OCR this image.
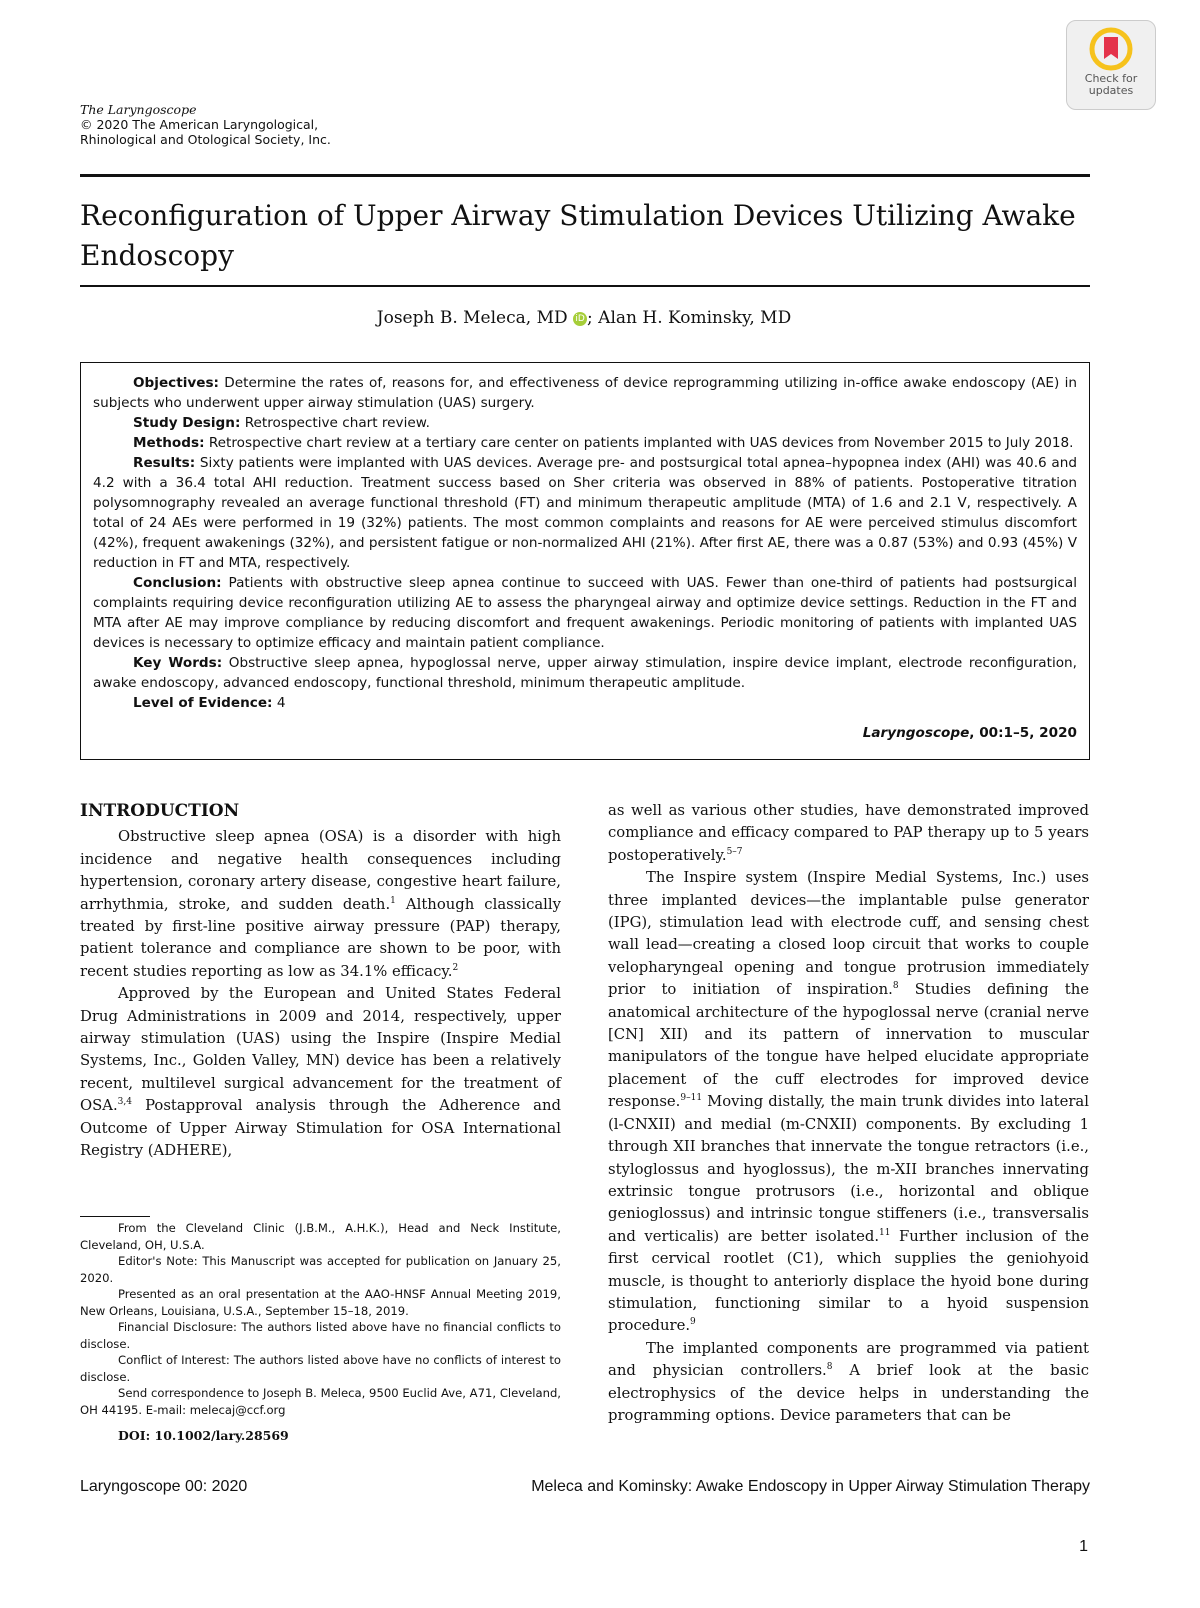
The Laryngoscope
© 2020 The American Laryngological,
Rhinological and Otological Society, Inc.
Check for
updates
Reconfiguration of Upper Airway Stimulation Devices Utilizing Awake Endoscopy
Joseph B. Meleca, MD iD ; Alan H. Kominsky, MD

Objectives: Determine the rates of, reasons for, and effectiveness of device reprogramming utilizing in-office awake endoscopy (AE) in subjects who underwent upper airway stimulation (UAS) surgery.

Study Design: Retrospective chart review.

Methods: Retrospective chart review at a tertiary care center on patients implanted with UAS devices from November 2015 to July 2018.

Results: Sixty patients were implanted with UAS devices. Average pre- and postsurgical total apnea–hypopnea index (AHI) was 40.6 and 4.2 with a 36.4 total AHI reduction. Treatment success based on Sher criteria was observed in 88% of patients. Postoperative titration polysomnography revealed an average functional threshold (FT) and minimum therapeutic amplitude (MTA) of 1.6 and 2.1 V, respectively. A total of 24 AEs were performed in 19 (32%) patients. The most common complaints and reasons for AE were perceived stimulus discomfort (42%), frequent awakenings (32%), and persistent fatigue or non-normalized AHI (21%). After first AE, there was a 0.87 (53%) and 0.93 (45%) V reduction in FT and MTA, respectively.

Conclusion: Patients with obstructive sleep apnea continue to succeed with UAS. Fewer than one-third of patients had postsurgical complaints requiring device reconfiguration utilizing AE to assess the pharyngeal airway and optimize device settings. Reduction in the FT and MTA after AE may improve compliance by reducing discomfort and frequent awakenings. Periodic monitoring of patients with implanted UAS devices is necessary to optimize efficacy and maintain patient compliance.

Key Words: Obstructive sleep apnea, hypoglossal nerve, upper airway stimulation, inspire device implant, electrode reconfiguration, awake endoscopy, advanced endoscopy, functional threshold, minimum therapeutic amplitude.

Level of Evidence: 4

Laryngoscope, 00:1–5, 2020

INTRODUCTION

Obstructive sleep apnea (OSA) is a disorder with high incidence and negative health consequences including hypertension, coronary artery disease, congestive heart failure, arrhythmia, stroke, and sudden death.$^1$ Although classically treated by first-line positive airway pressure (PAP) therapy, patient tolerance and compliance are shown to be poor, with recent studies reporting as low as 34.1% efficacy.$^2$

Approved by the European and United States Federal Drug Administrations in 2009 and 2014, respectively, upper airway stimulation (UAS) using the Inspire (Inspire Medial Systems, Inc., Golden Valley, MN) device has been a relatively recent, multilevel surgical advancement for the treatment of OSA.$^{3,4}$ Postapproval analysis through the Adherence and Outcome of Upper Airway Stimulation for OSA International Registry (ADHERE),

as well as various other studies, have demonstrated improved compliance and efficacy compared to PAP therapy up to 5 years postoperatively.$^{5-7}$

The Inspire system (Inspire Medial Systems, Inc.) uses three implanted devices—the implantable pulse generator (IPG), stimulation lead with electrode cuff, and sensing chest wall lead—creating a closed loop circuit that works to couple velopharyngeal opening and tongue protrusion immediately prior to initiation of inspiration.$^8$ Studies defining the anatomical architecture of the hypoglossal nerve (cranial nerve [CN] XII) and its pattern of innervation to muscular manipulators of the tongue have helped elucidate appropriate placement of the cuff electrodes for improved device response.$^{9-11}$ Moving distally, the main trunk divides into lateral (l-CNXII) and medial (m-CNXII) components. By excluding 1 through XII branches that innervate the tongue retractors (i.e., styloglossus and hyoglossus), the m-XII branches innervating extrinsic tongue protrusors (i.e., horizontal and oblique genioglossus) and intrinsic tongue stiffeners (i.e., transversalis and verticalis) are better isolated.$^{11}$ Further inclusion of the first cervical rootlet (C1), which supplies the geniohyoid muscle, is thought to anteriorly displace the hyoid bone during stimulation, functioning similar to a hyoid suspension procedure.$^9$

The implanted components are programmed via patient and physician controllers.$^8$ A brief look at the basic electrophysics of the device helps in understanding the programming options. Device parameters that can be

From the Cleveland Clinic (J.B.M., A.H.K.), Head and Neck Institute, Cleveland, OH, U.S.A.

Editor's Note: This Manuscript was accepted for publication on January 25, 2020.

Presented as an oral presentation at the AAO-HNSF Annual Meeting 2019, New Orleans, Louisiana, U.S.A., September 15–18, 2019.

Financial Disclosure: The authors listed above have no financial conflicts to disclose.

Conflict of Interest: The authors listed above have no conflicts of interest to disclose.

Send correspondence to Joseph B. Meleca, 9500 Euclid Ave, A71, Cleveland, OH 44195. E-mail: melecaj@ccf.org

DOI: 10.1002/lary.28569
Laryngoscope 00: 2020	Meleca and Kominsky: Awake Endoscopy in Upper Airway Stimulation Therapy
1
